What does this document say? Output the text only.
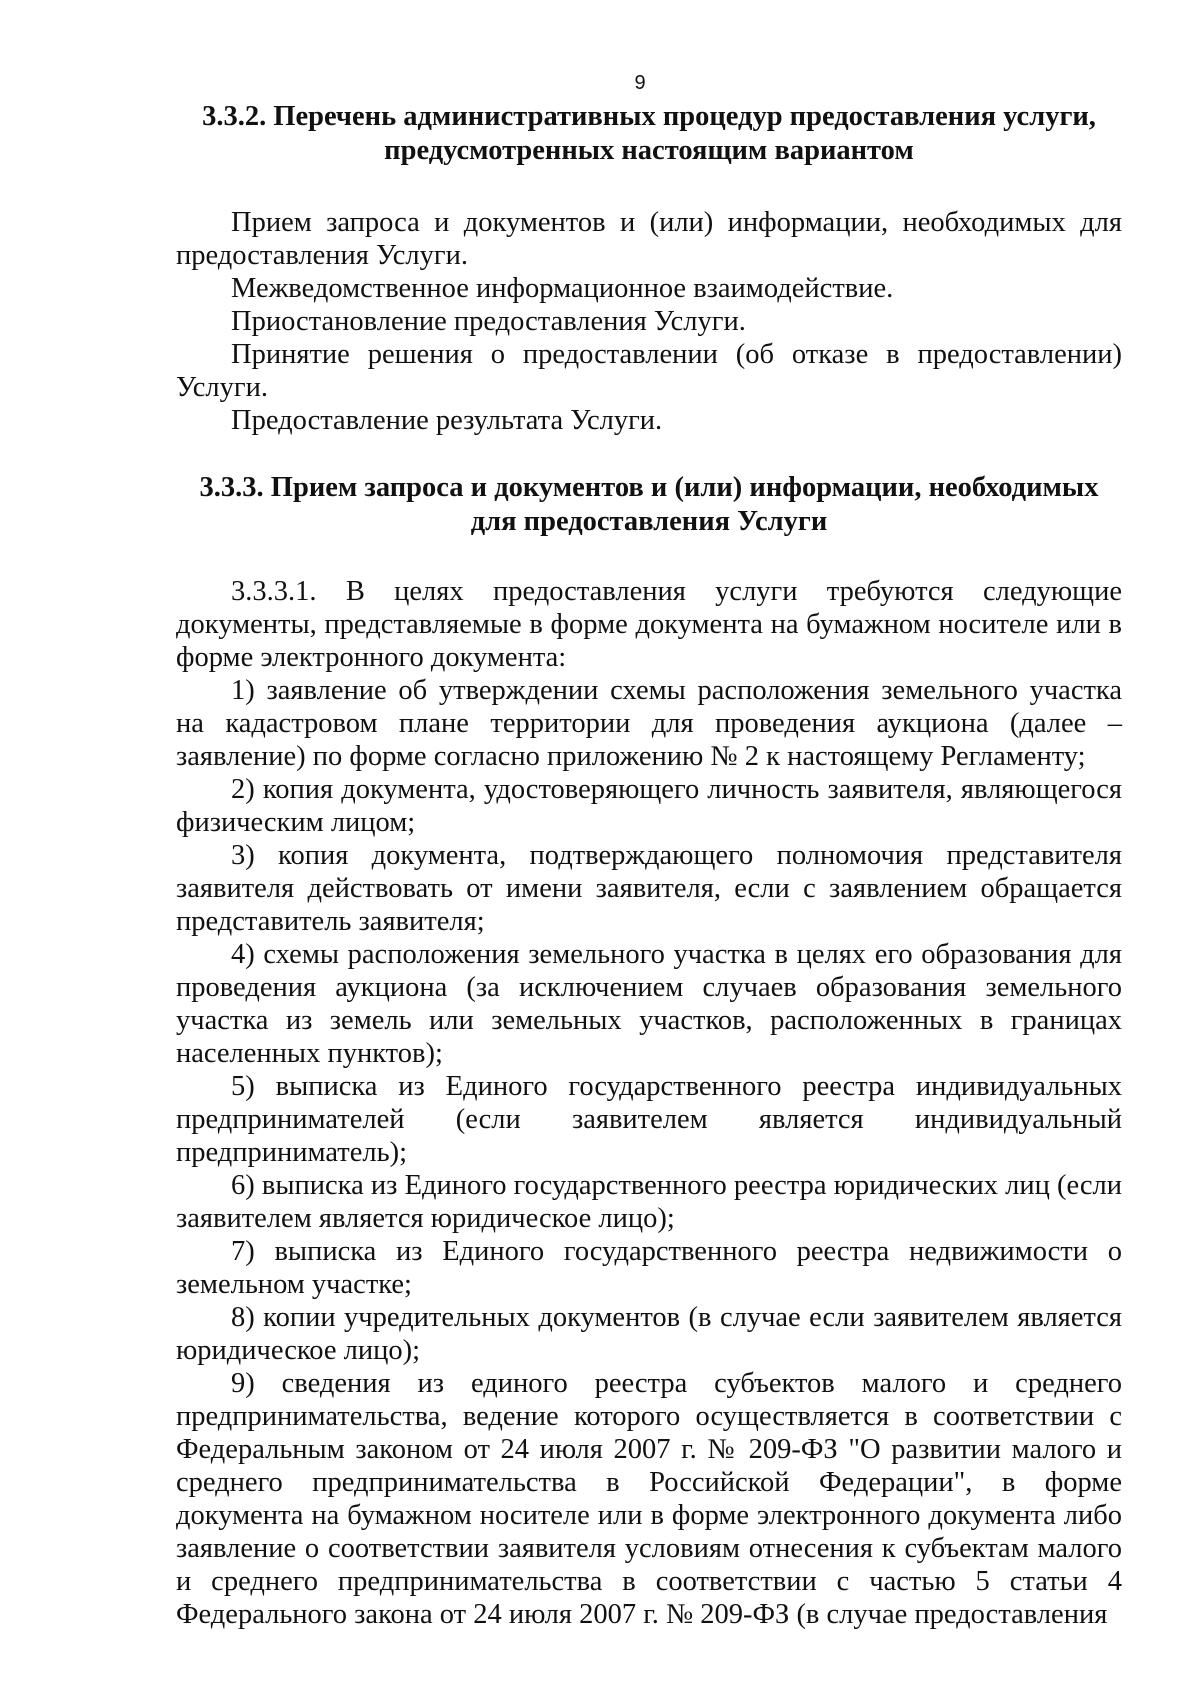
9
3.3.2. Перечень административных процедур предоставления услуги,
предусмотренных настоящим вариантом

Прием запроса и документов и (или) информации, необходимых для предоставления Услуги.

Межведомственное информационное взаимодействие.

Приостановление предоставления Услуги.

Принятие решения о предоставлении (об отказе в предоставлении) Услуги.

Предоставление результата Услуги.

3.3.3. Прием запроса и документов и (или) информации, необходимых
для предоставления Услуги

3.3.3.1. В целях предоставления услуги требуются следующие документы, представляемые в форме документа на бумажном носителе или в форме электронного документа:

1) заявление об утверждении схемы расположения земельного участка на кадастровом плане территории для проведения аукциона (далее – заявление) по форме согласно приложению № 2 к настоящему Регламенту;

2) копия документа, удостоверяющего личность заявителя, являющегося физическим лицом;

3) копия документа, подтверждающего полномочия представителя заявителя действовать от имени заявителя, если с заявлением обращается представитель заявителя;

4) схемы расположения земельного участка в целях его образования для проведения аукциона (за исключением случаев образования земельного участка из земель или земельных участков, расположенных в границах населенных пунктов);

5) выписка из Единого государственного реестра индивидуальных предпринимателей (если заявителем является индивидуальный предприниматель);

6) выписка из Единого государственного реестра юридических лиц (если заявителем является юридическое лицо);

7) выписка из Единого государственного реестра недвижимости о земельном участке;

8) копии учредительных документов (в случае если заявителем является юридическое лицо);

9) сведения из единого реестра субъектов малого и среднего предпринимательства, ведение которого осуществляется в соответствии с Федеральным законом от 24 июля 2007 г. № 209-ФЗ "О развитии малого и среднего предпринимательства в Российской Федерации", в форме документа на бумажном носителе или в форме электронного документа либо заявление о соответствии заявителя условиям отнесения к субъектам малого и среднего предпринимательства в соответствии с частью 5 статьи 4 Федерального закона от 24 июля 2007 г. № 209-ФЗ (в случае предоставления
